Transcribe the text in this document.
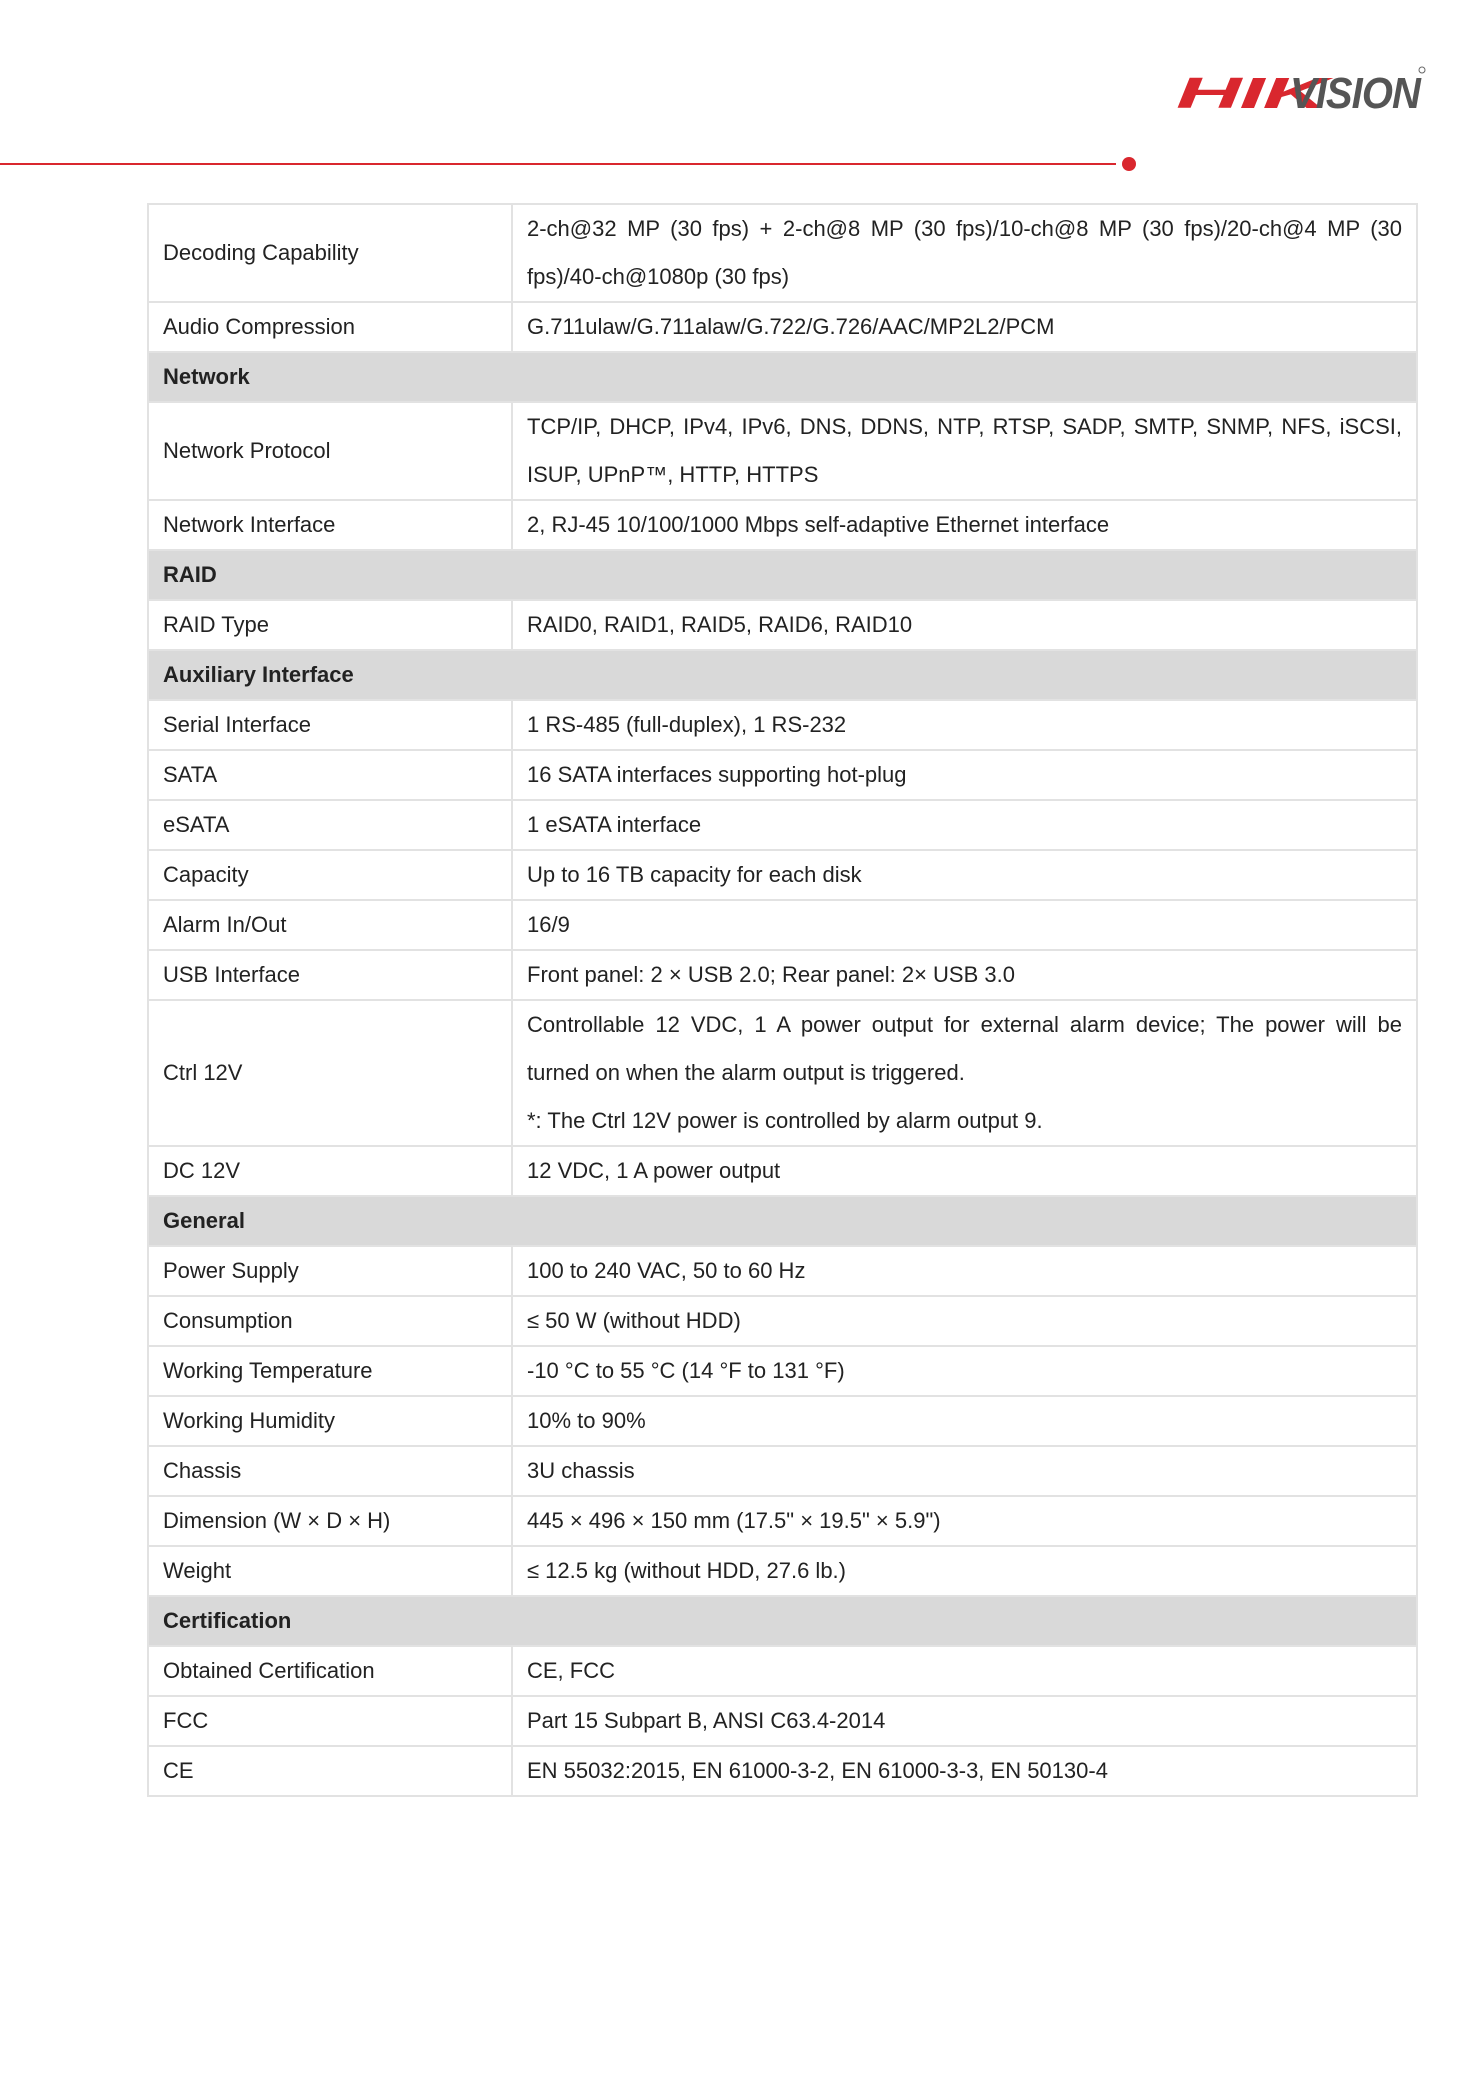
HIK
VISION
Decoding Capability	2-ch@32 MP (30 fps) + 2-ch@8 MP (30 fps)/10-ch@8 MP (30 fps)/20-ch@4 MP (30 fps)/40-ch@1080p (30 fps)

Audio Compression	G.711ulaw/G.711alaw/G.722/G.726/AAC/MP2L2/PCM

Network	
Network Protocol	TCP/IP, DHCP, IPv4, IPv6, DNS, DDNS, NTP, RTSP, SADP, SMTP, SNMP, NFS, iSCSI, ISUP, UPnP™, HTTP, HTTPS

Network Interface	2, RJ-45 10/100/1000 Mbps self-adaptive Ethernet interface

RAID	
RAID Type	RAID0, RAID1, RAID5, RAID6, RAID10

Auxiliary Interface	
Serial Interface	1 RS-485 (full-duplex), 1 RS-232

SATA	16 SATA interfaces supporting hot-plug

eSATA	1 eSATA interface

Capacity	Up to 16 TB capacity for each disk

Alarm In/Out	16/9

USB Interface	Front panel: 2 × USB 2.0; Rear panel: 2× USB 3.0

Ctrl 12V	Controllable 12 VDC, 1 A power output for external alarm device; The power will be turned on when the alarm output is triggered.
*: The Ctrl 12V power is controlled by alarm output 9.

DC 12V	12 VDC, 1 A power output

General	
Power Supply	100 to 240 VAC, 50 to 60 Hz

Consumption	≤ 50 W (without HDD)

Working Temperature	-10 °C to 55 °C (14 °F to 131 °F)

Working Humidity	10% to 90%

Chassis	3U chassis

Dimension (W × D × H)	445 × 496 × 150 mm (17.5" × 19.5" × 5.9")

Weight	≤ 12.5 kg (without HDD, 27.6 lb.)

Certification	
Obtained Certification	CE, FCC

FCC	Part 15 Subpart B, ANSI C63.4-2014

CE	EN 55032:2015, EN 61000-3-2, EN 61000-3-3, EN 50130-4
